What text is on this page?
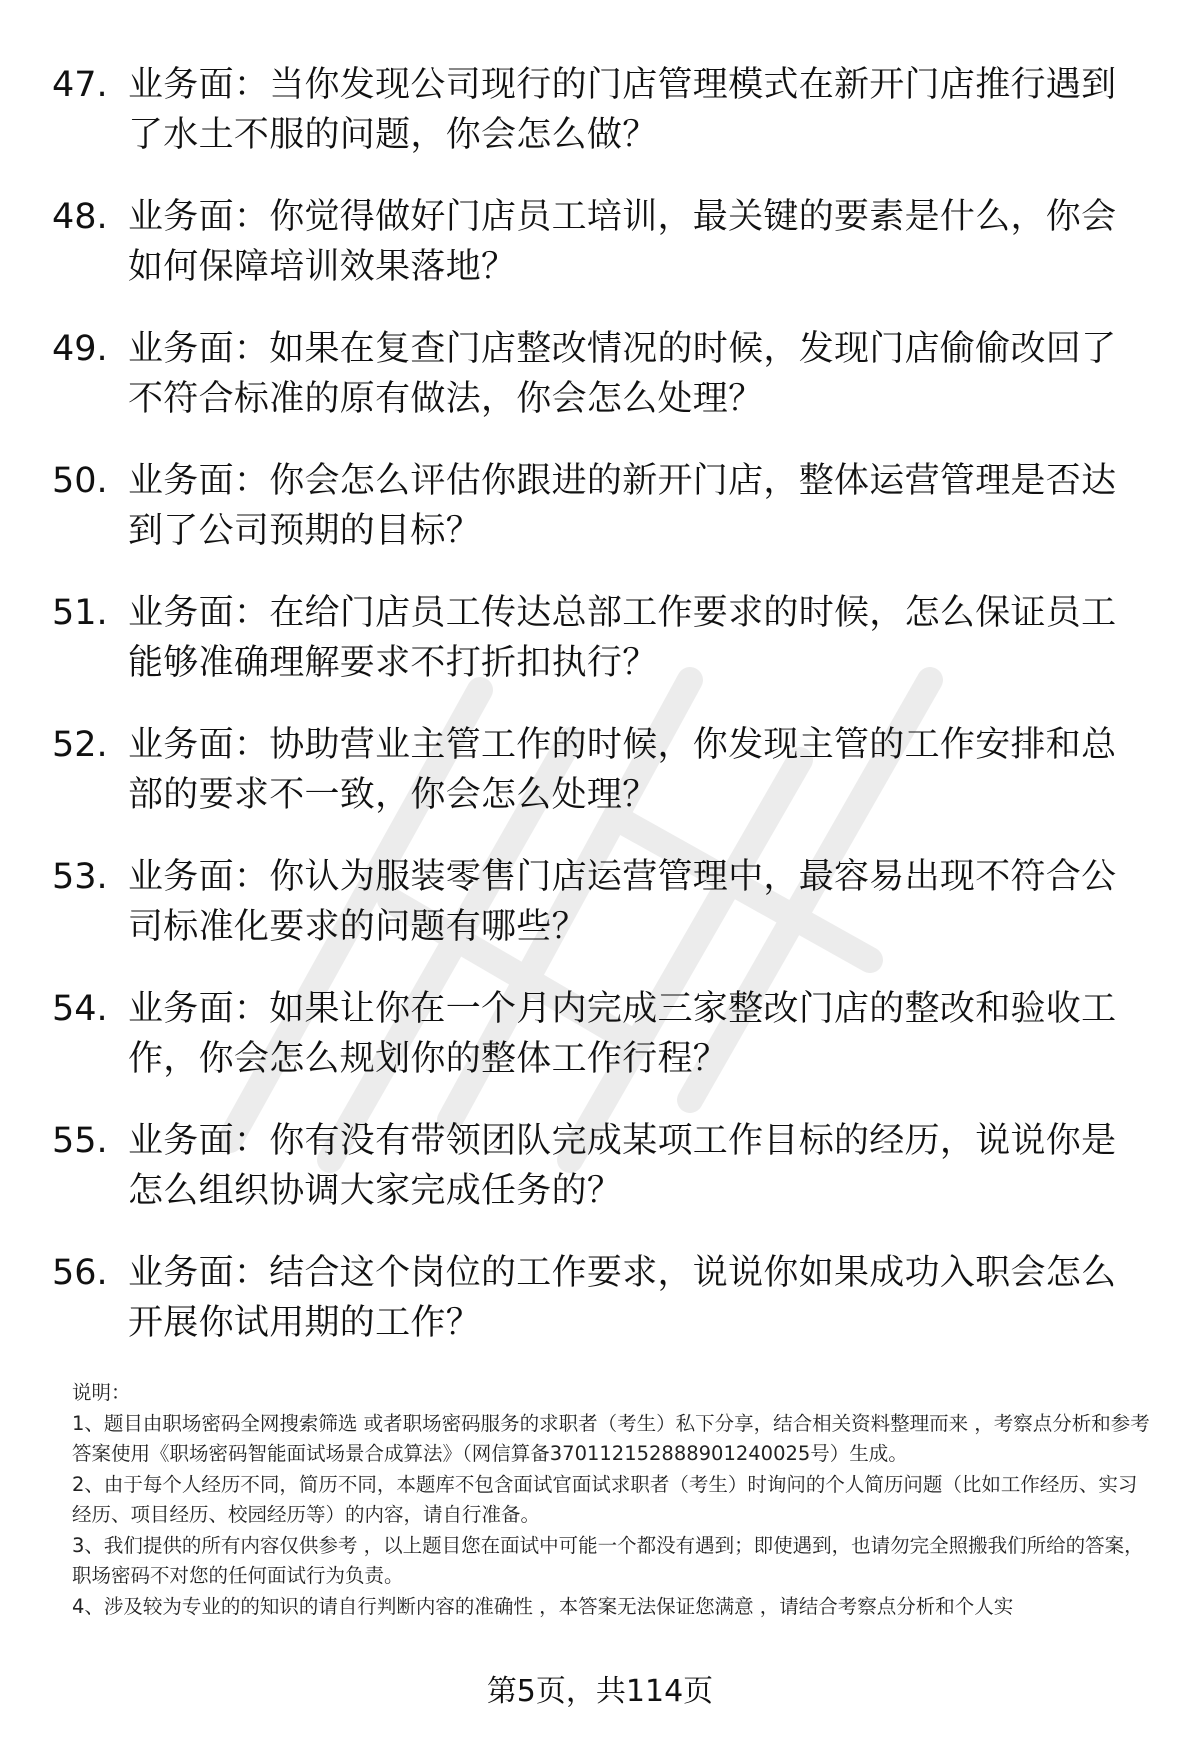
47. 业务面：当你发现公司现行的门店管理模式在新开门店推行遇到了水土不服的问题，你会怎么做？
48. 业务面：你觉得做好门店员工培训，最关键的要素是什么，你会如何保障培训效果落地？
49. 业务面：如果在复查门店整改情况的时候，发现门店偷偷改回了不符合标准的原有做法，你会怎么处理？
50. 业务面：你会怎么评估你跟进的新开门店，整体运营管理是否达到了公司预期的目标？
51. 业务面：在给门店员工传达总部工作要求的时候，怎么保证员工能够准确理解要求不打折扣执行？
52. 业务面：协助营业主管工作的时候，你发现主管的工作安排和总部的要求不一致，你会怎么处理？
53. 业务面：你认为服装零售门店运营管理中，最容易出现不符合公司标准化要求的问题有哪些？
54. 业务面：如果让你在一个月内完成三家整改门店的整改和验收工作，你会怎么规划你的整体工作行程？
55. 业务面：你有没有带领团队完成某项工作目标的经历，说说你是怎么组织协调大家完成任务的？
56. 业务面：结合这个岗位的工作要求，说说你如果成功入职会怎么开展你试用期的工作？

说明：

1、题目由职场密码全网搜索筛选 或者职场密码服务的求职者（考生）私下分享，结合相关资料整理而来 ，考察点分析和参考答案使用《职场密码智能面试场景合成算法》（网信算备370112152888901240025号）生成。

2、由于每个人经历不同，简历不同，本题库不包含面试官面试求职者（考生）时询问的个人简历问题（比如工作经历、实习经历、项目经历、校园经历等）的内容，请自行准备。

3、我们提供的所有内容仅供参考 ，以上题目您在面试中可能一个都没有遇到；即使遇到，也请勿完全照搬我们所给的答案，职场密码不对您的任何面试行为负责。

4、涉及较为专业的的知识的请自行判断内容的准确性 ，本答案无法保证您满意 ，请结合考察点分析和个人实

第5页，共114页
